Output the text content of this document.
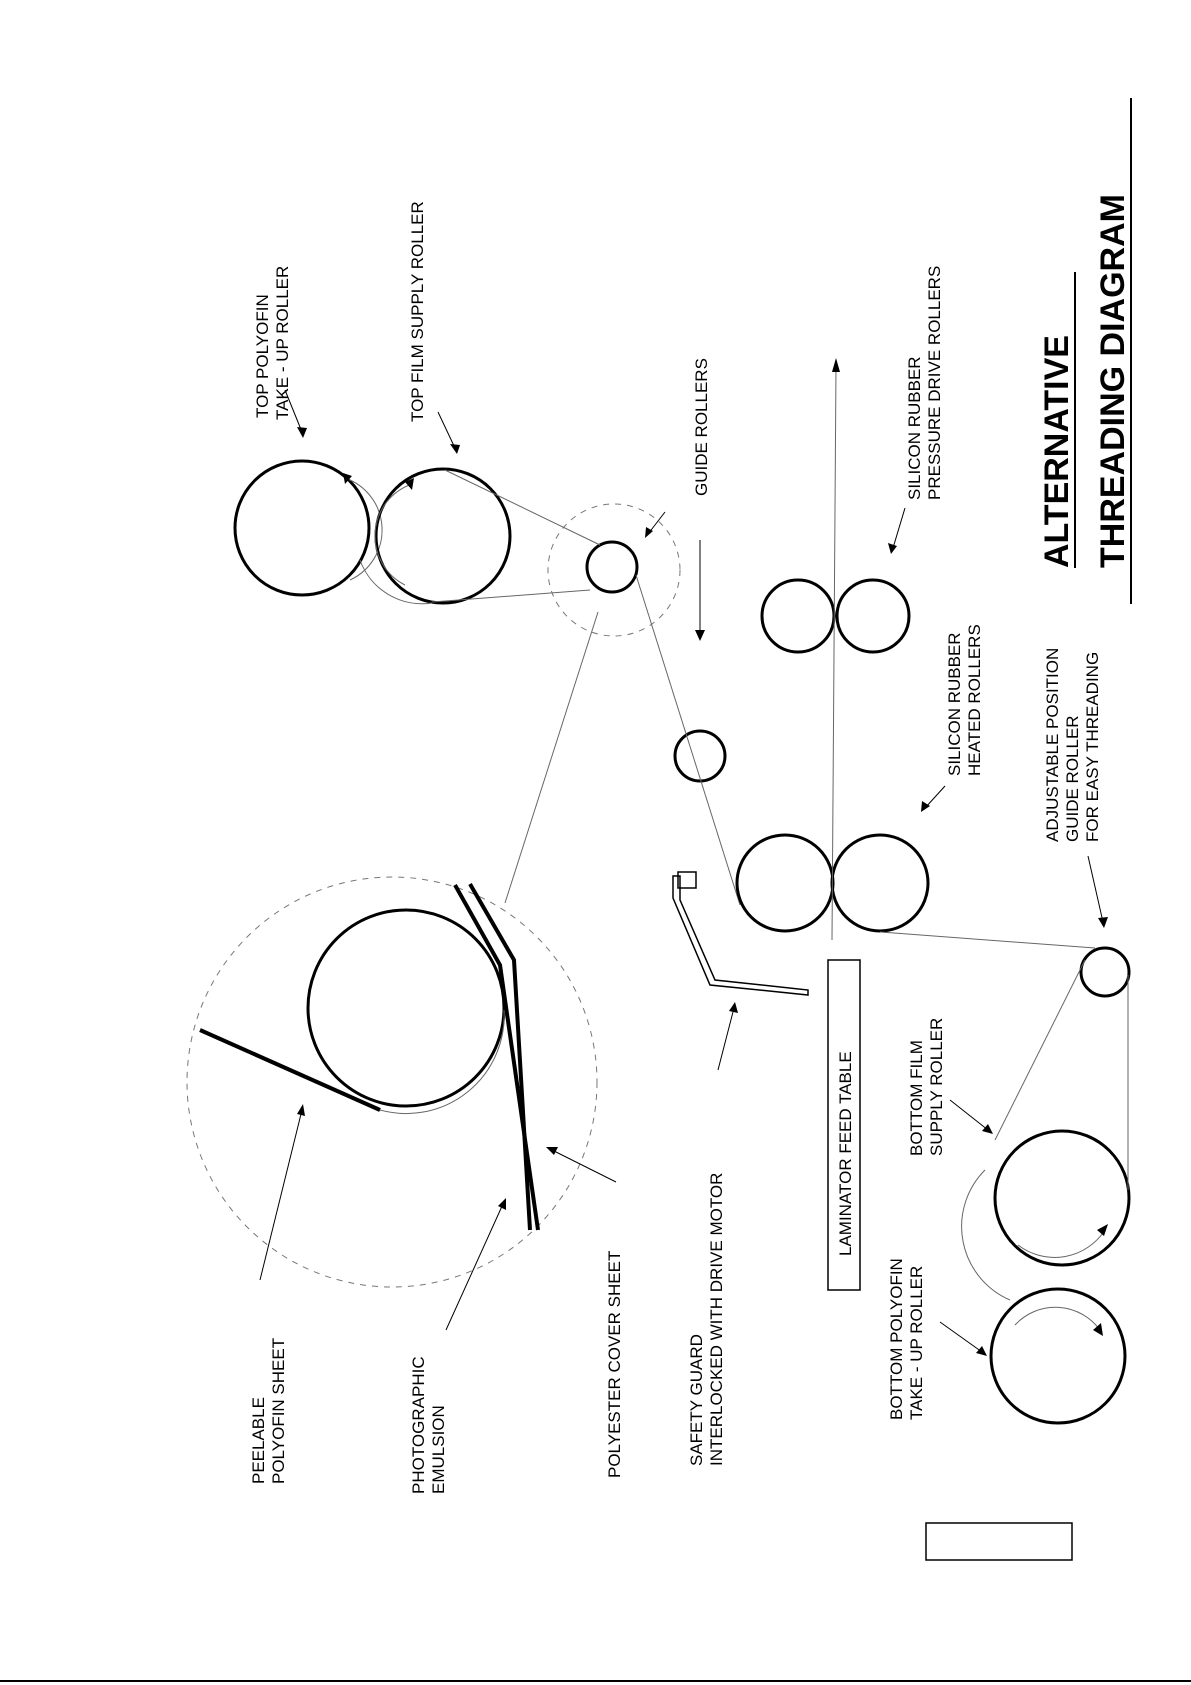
ALTERNATIVE THREADING DIAGRAM
TOP POLYOFIN TAKE - UP ROLLER	TOP FILM SUPPLY ROLLER
GUIDE ROLLERS	SILICON RUBBER PRESSURE DRIVE ROLLERS
SILICON RUBBER HEATED ROLLERS	ADJUSTABLE POSITION GUIDE ROLLER FOR EASY THREADING
BOTTOM FILM SUPPLY ROLLER
BOTTOM POLYOFIN TAKE - UP ROLLER
LAMINATOR FEED TABLE
SAFETY GUARD INTERLOCKED WITH DRIVE MOTOR
POLYESTER COVER SHEET
PHOTOGRAPHIC EMULSION
PEELABLE POLYOFIN SHEET
